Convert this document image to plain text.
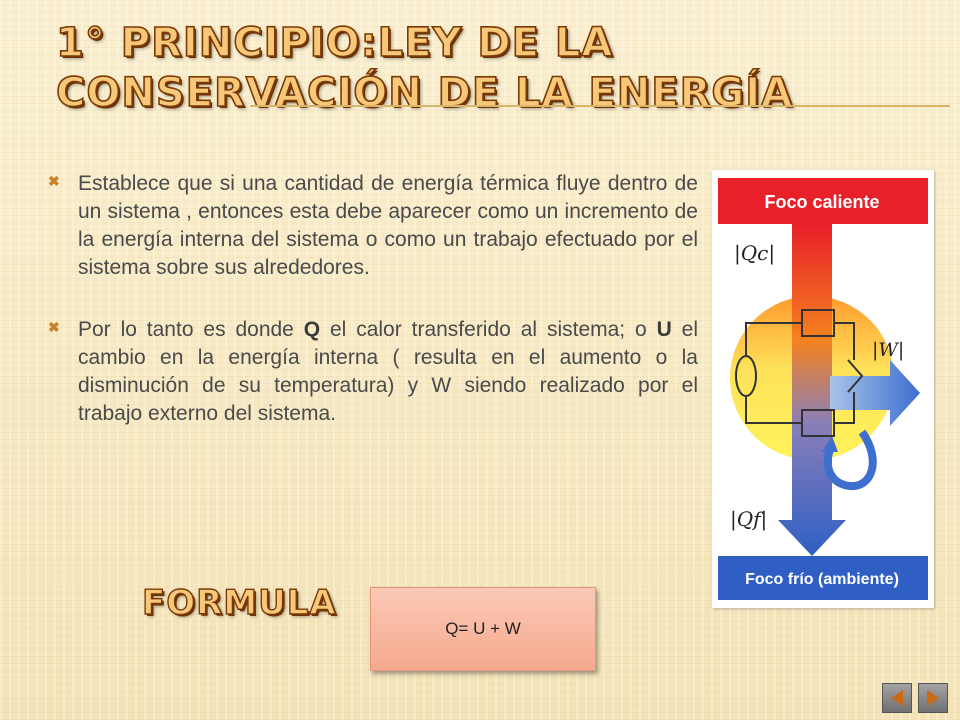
1° PRINCIPIO:LEY DE LA CONSERVACIÓN DE LA ENERGÍA
✖ Establece que si una cantidad de energía térmica fluye dentro de un sistema , entonces esta debe aparecer como un incremento de la energía interna del sistema o como un trabajo efectuado por el sistema sobre sus alrededores.

✖ Por lo tanto es donde Q el calor transferido al sistema; o U el cambio en la energía interna ( resulta en el aumento o la disminución de su temperatura) y W siendo realizado por el trabajo externo del sistema.

Foco caliente
Foco frío (ambiente)
|Qc|
|Qf|
|W|
FORMULA
Q= U + W
